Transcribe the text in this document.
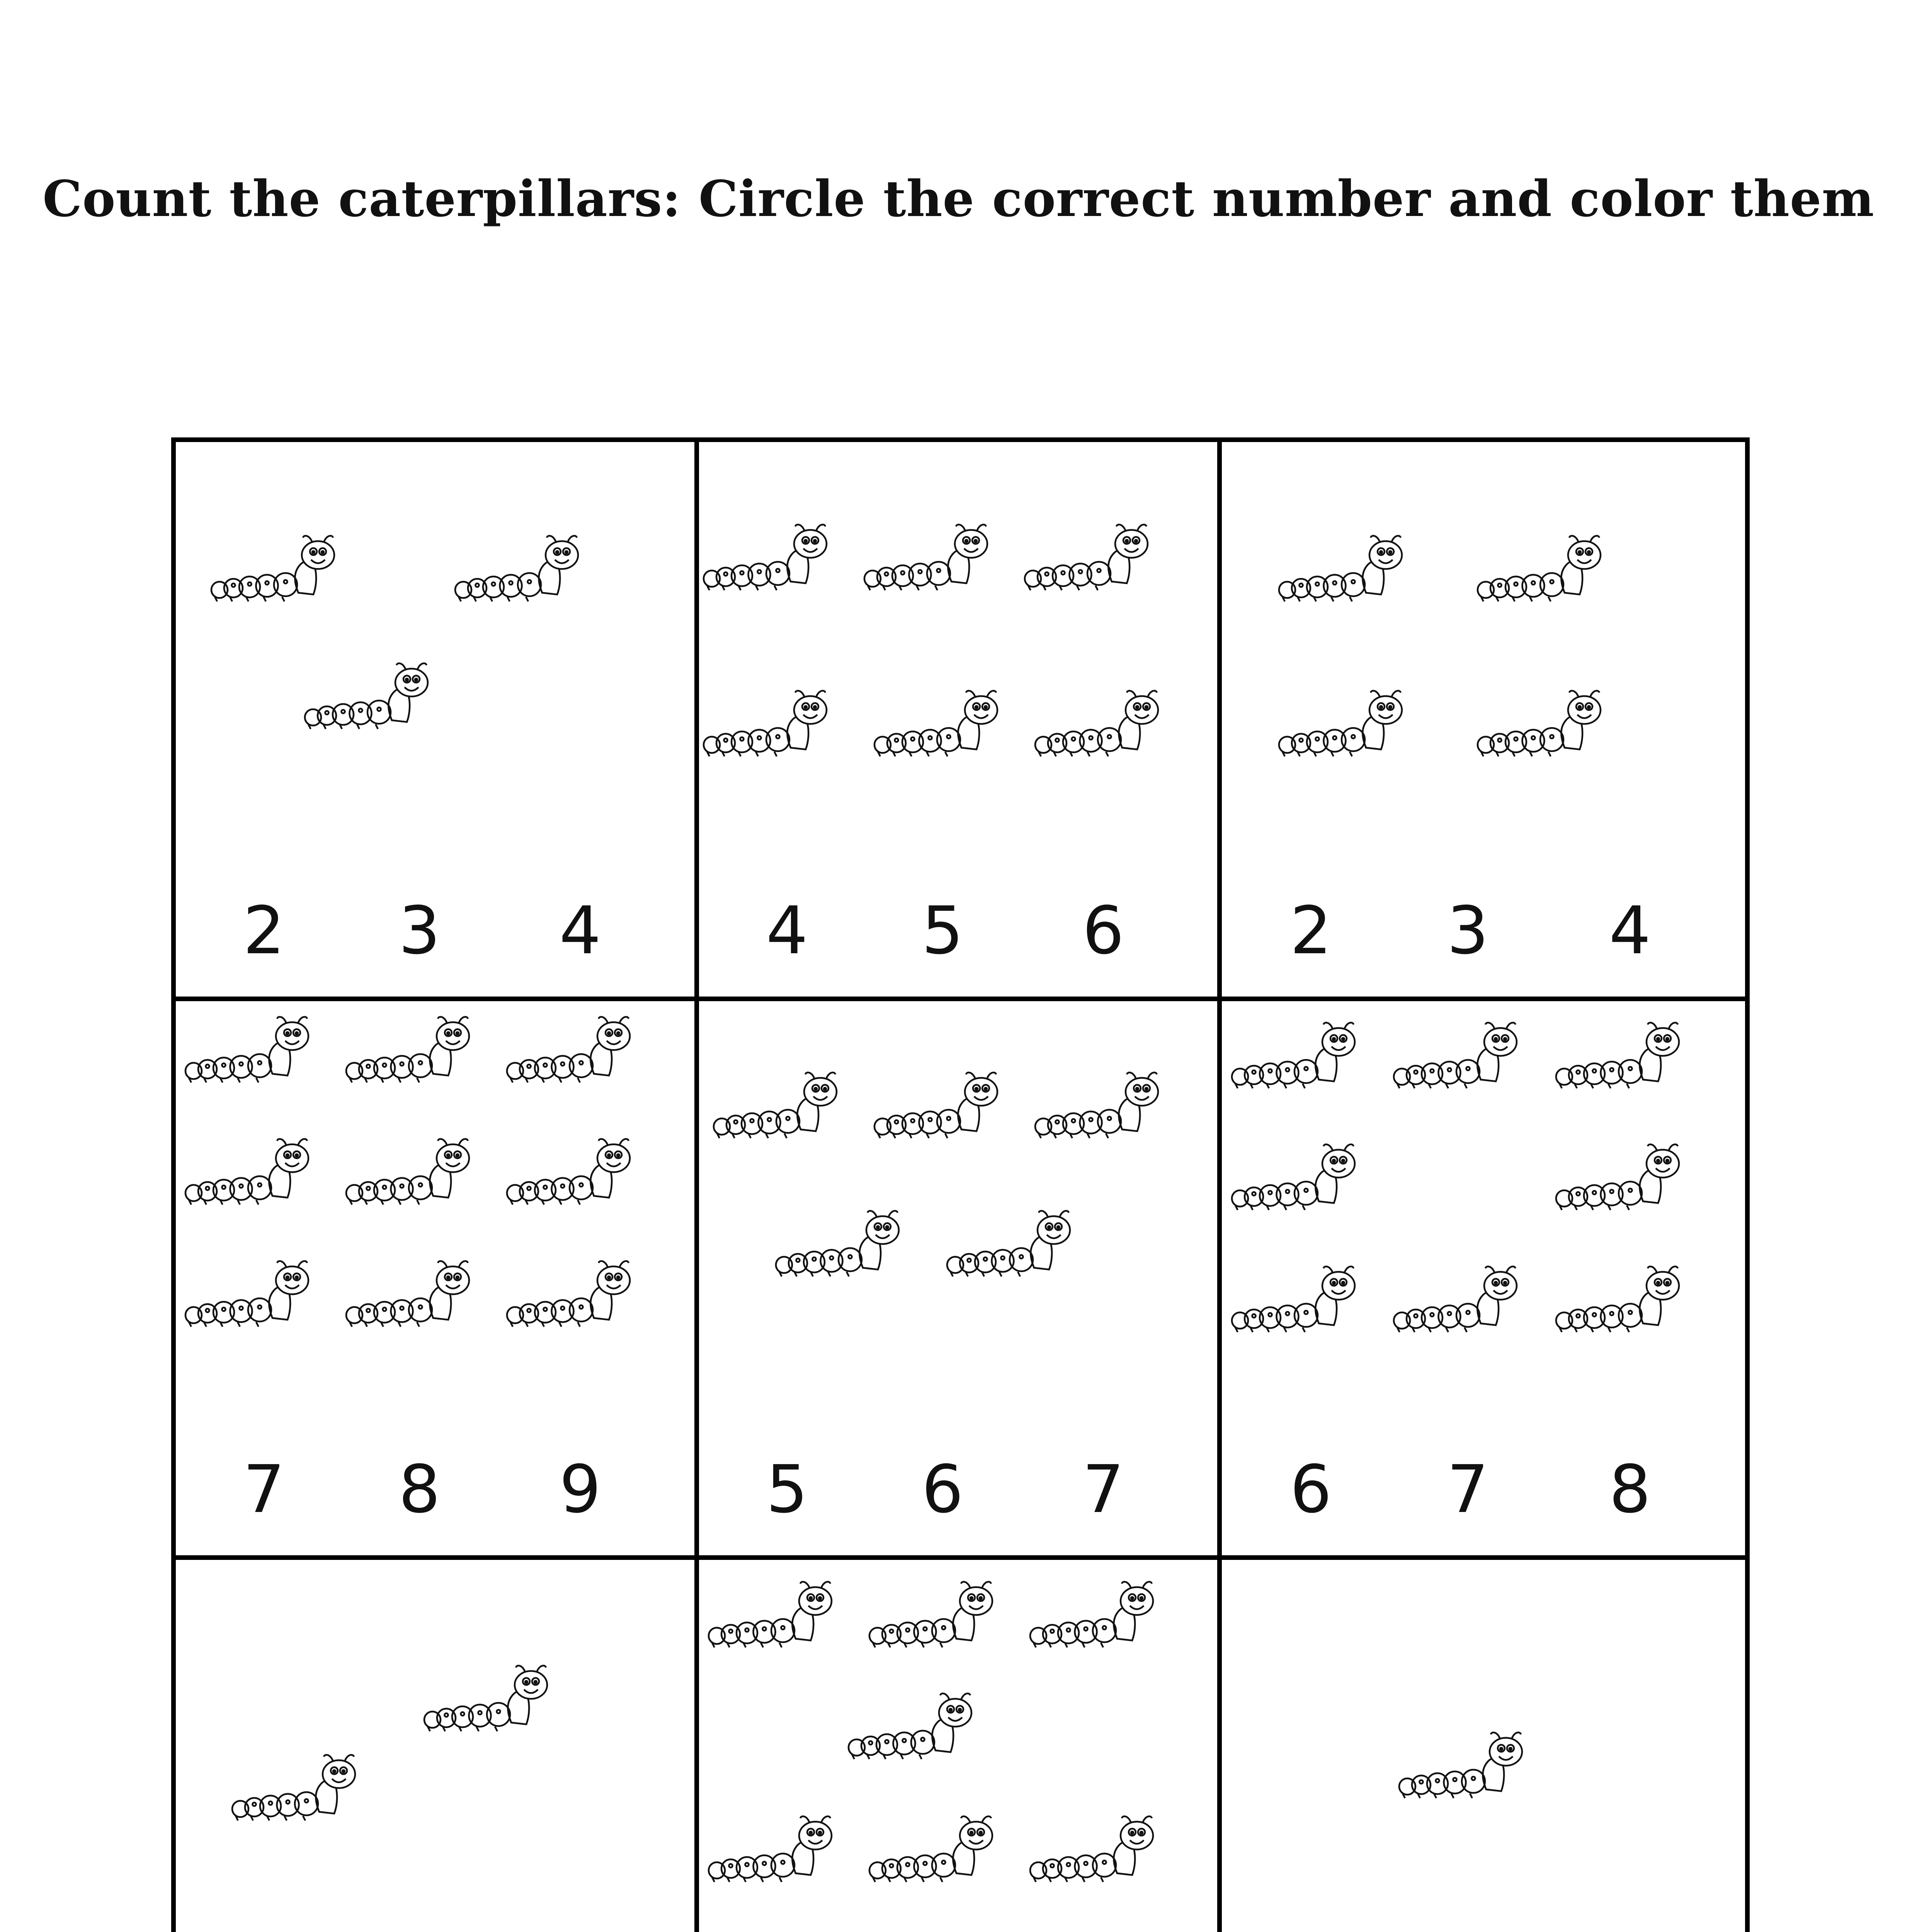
Count the caterpillars: Circle the correct number and color them
2 3 4	4 5 6	2 3 4
7 8 9	5 6 7	6 7 8
